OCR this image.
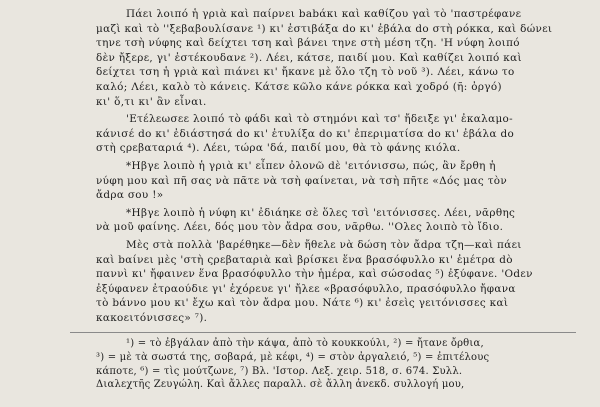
Πάει λοιπό ἡ γριὰ καὶ παίρνει babάκι καὶ καθίζου γαὶ τὸ 'παστρέφανε
μαζὶ καὶ τὸ ''ξεβαβουλίσανε ¹) κι' ἐστιβάξα do κι' ἐβάλα do στὴ ρόκκα, καὶ δώνει
τηνε τσὴ νύφης καὶ δείχτει τση καὶ βάνει τηνε στὴ μέση τζη. 'Η νύφη λοιπό
δὲν ἤξερε, γι' ἐστέκουδανε ²). Λέει, κάτσε, παιδί μου. Καὶ καθίζει λοιπό καὶ
δείχτει τση ἡ γριὰ καὶ πιάνει κι' ἤκανε μὲ ὅλο τζη τὸ νοῦ ³). Λέει, κάνω το
καλό; Λέει, καλὸ τὸ κάνεις. Κάτσε κῶλο κάνε ρόκκα καὶ χοδρό (ῆ: ὀργό)
κι' ὅ,τι κι' ἂν εἶναι.
'Ετέλεωσεε λοιπό τὸ φάδι καὶ τὸ στημόνι καὶ τσ' ἤδειξε γι' ἐκαλαμο-
κάνισέ do κι' ἐδιάστησά do κι' ἐτυλίξα do κι' ἐπεριματίσα do κι' ἐβάλα do
στὴ ςρεβαταριά ⁴). Λέει, τώρα 'δά, παιδί μου, θὰ τὸ φάνης κιόλα.
*Ηβγε λοιπὸ ἡ γριὰ κι' εἶπεν ὀλονῶ dὲ 'ειτόνισσω, πώς, ἂν ἔρθη ἡ
νύφη μου καὶ πῆ σας νὰ πᾶτε νὰ τσὴ φαίνεται, νὰ τσὴ πῆτε «Δός μας τὸν
ἄdρα σου !»
*Ηβγε λοιπὸ ἡ νύφη κι' ἐδιάηκε σὲ ὅλες τσὶ 'ειτόνισσες. Λέει, νᾶρθης
νὰ μοῦ φαίνης. Λέει, δός μου τὸν ἄdρα σου, νᾶρθω. ''Ολες λοιπὸ τὸ ἴδιο.
Μὲς στὰ πολλὰ 'βαρέθηκε—δὲν ἤθελε νὰ δώση τὸν ἄdρα τζη—καὶ πάει
καὶ bαίνει μὲς 'στὴ ςρεβαταριὰ καὶ βρίσκει ἕνα βρασόφυλλο κι' ἐμέτρα dὸ
παννὶ κι' ἤφαινεν ἕνα βρασόφυλλο τὴν ἡμέρα, καὶ σώσοdας ⁵) ἐξύφανε. 'Οdεν
ἐξύφανεν ἐτραούδιε γι' ἐχόρευε γι' ἤλεε «βρασόφυλλο, πρασόφυλλο ἤφανα
τὸ bάννο μου κι' ἔχω καὶ τὸν ἄdρα μου. Νάτε ⁶) κι' ἐσεὶς γειτόνισσες καὶ
κακοειτόνισσες» ⁷).
¹) = τὸ ἐβγάλαν ἀπὸ τὴν κάψα, ἀπὸ τὸ κουκκούλι, ²) = ἤτανε ὄρθια,
³) = μὲ τὰ σωστά της, σοβαρά, μὲ κέφι, ⁴) = στὸν ἀργαλειό, ⁵) = ἐπιτέλους
κάποτε, ⁶) = τὶς μούτζωνε, ⁷) Βλ. 'Ιστορ. Λεξ. χειρ. 518, σ. 674. Συλλ.
Διαλεχτῆς Ζευγώλη. Καὶ ἄλλες παραλλ. σὲ ἄλλη ἀνεκδ. συλλογή μου,
